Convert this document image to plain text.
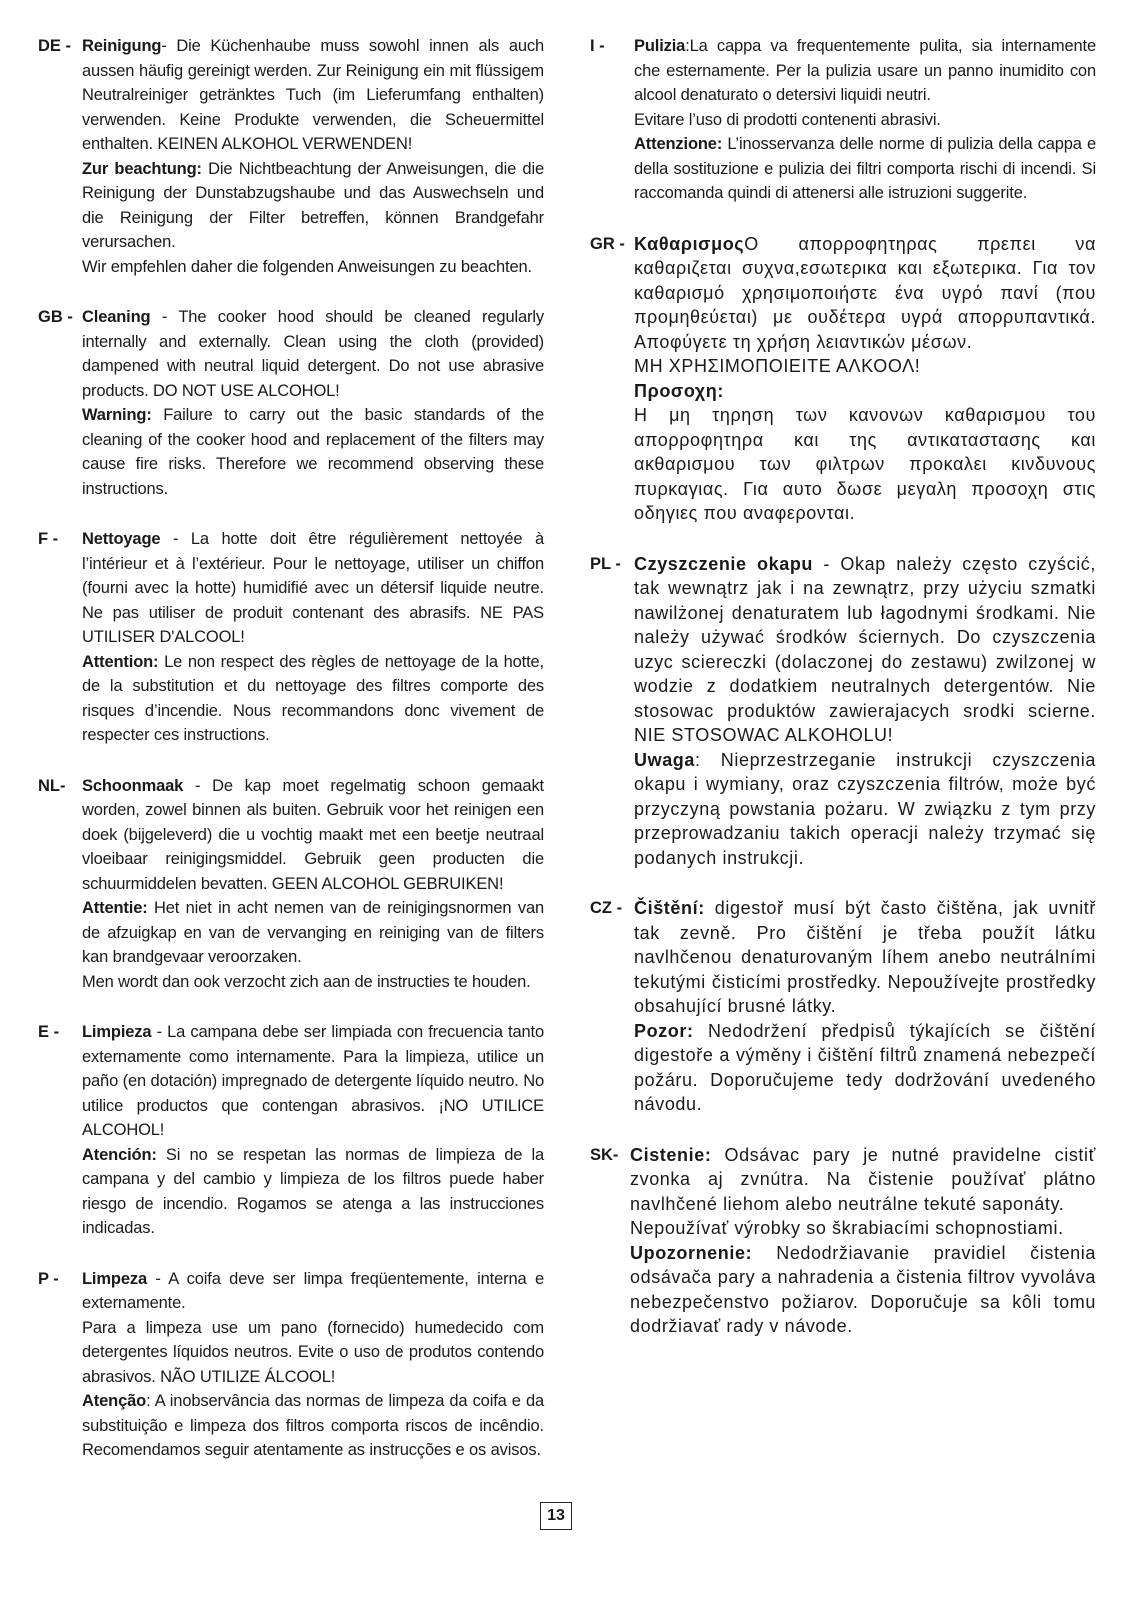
DE - Reinigung- Die Küchenhaube muss sowohl innen als auch aussen häufig gereinigt werden. Zur Reinigung ein mit flüssigem Neutralreiniger getränktes Tuch (im Lieferumfang enthalten) verwenden. Keine Produkte verwenden, die Scheuermittel enthalten. KEINEN ALKOHOL VERWENDEN!

Zur beachtung: Die Nichtbeachtung der Anweisungen, die die Reinigung der Dunstabzugshaube und das Auswechseln und die Reinigung der Filter betreffen, können Brandgefahr verursachen.

Wir empfehlen daher die folgenden Anweisungen zu beachten.

GB - Cleaning - The cooker hood should be cleaned regularly internally and externally. Clean using the cloth (provided) dampened with neutral liquid detergent. Do not use abrasive products. DO NOT USE ALCOHOL!

Warning: Failure to carry out the basic standards of the cleaning of the cooker hood and replacement of the filters may cause fire risks. Therefore we recommend observing these instructions.

F -	Nettoyage - La hotte doit être régulièrement nettoyée à l’intérieur et à l’extérieur. Pour le nettoyage, utiliser un chiffon (fourni avec la hotte) humidifié avec un détersif liquide neutre. Ne pas utiliser de produit contenant des abrasifs. NE PAS UTILISER D'ALCOOL!

Attention: Le non respect des règles de nettoyage de la hotte, de la substitution et du nettoyage des filtres comporte des risques d’incendie. Nous recommandons donc vivement de respecter ces instructions.

NL-	Schoonmaak - De kap moet regelmatig schoon gemaakt worden, zowel binnen als buiten. Gebruik voor het reinigen een doek (bijgeleverd) die u vochtig maakt met een beetje neutraal vloeibaar reinigingsmiddel. Gebruik geen producten die schuurmiddelen bevatten. GEEN ALCOHOL GEBRUIKEN!

Attentie: Het niet in acht nemen van de reinigingsnormen van de afzuigkap en van de vervanging en reiniging van de filters kan brandgevaar veroorzaken.

Men wordt dan ook verzocht zich aan de instructies te houden.

E -	Limpieza - La campana debe ser limpiada con frecuencia tanto externamente como internamente. Para la limpieza, utilice un paño (en dotación) impregnado de detergente líquido neutro. No utilice productos que contengan abrasivos. ¡NO UTILICE ALCOHOL!

Atención: Si no se respetan las normas de limpieza de la campana y del cambio y limpieza de los filtros puede haber riesgo de incendio. Rogamos se atenga a las instrucciones indicadas.

P -	Limpeza - A coifa deve ser limpa freqüentemente, interna e externamente.

Para a limpeza use um pano (fornecido) humedecido com detergentes líquidos neutros. Evite o uso de produtos contendo abrasivos. NÃO UTILIZE ÁLCOOL!

Atenção: A inobservância das normas de limpeza da coifa e da substituição e limpeza dos filtros comporta riscos de incêndio. Recomendamos seguir atentamente as instrucções e os avisos.

I -	Pulizia:La cappa va frequentemente pulita, sia internamente che esternamente. Per la pulizia usare un panno inumidito con alcool denaturato o detersivi liquidi neutri.

Evitare l’uso di prodotti contenenti abrasivi.

Attenzione: L’inosservanza delle norme di pulizia della cappa e della sostituzione e pulizia dei filtri comporta rischi di incendi. Si raccomanda quindi di attenersi alle istruzioni suggerite.

GR - ΚαθαρισμοςΟ απορροφητηρας πρεπει να καθαριζεται συχνα,εσωτερικα και εξωτερικα. Για τον καθαρισμό χρησιμοποιήστε ένα υγρό πανί (που προμηθεύεται) με ουδέτερα υγρά απορρυπαντικά. Αποφύγετε τη χρήση λειαντικών μέσων.

ΜΗ ΧΡΗΣΙΜΟΠΟΙΕΙΤΕ ΑΛΚΟΟΛ!

Προσοχη:

Η μη τηρηση των κανονων καθαρισμου του απορροφητηρα και της αντικαταστασης και ακθαρισμου των φιλτρων προκαλει κινδυνους πυρκαγιας. Για αυτο δωσε μεγαλη προσοχη στις οδηγιες που αναφερονται.

PL - Czyszczenie okapu - Okap należy często czyścić, tak wewnątrz jak i na zewnątrz, przy użyciu szmatki nawilżonej denaturatem lub łagodnymi środkami. Nie należy używać środków ściernych. Do czyszczenia uzyc sciereczki (dolaczonej do zestawu) zwilzonej w wodzie z dodatkiem neutralnych detergentów. Nie stosowac produktów zawierajacych srodki scierne. NIE STOSOWAC ALKOHOLU!

Uwaga: Nieprzestrzeganie instrukcji czyszczenia okapu i wymiany, oraz czyszczenia filtrów, może być przyczyną powstania pożaru. W związku z tym przy przeprowadzaniu takich operacji należy trzymać się podanych instrukcji.

CZ - Čištění: digestoř musí být často čištěna, jak uvnitř tak zevně. Pro čištění je třeba použít látku navlhčenou denaturovaným líhem anebo neutrálními tekutými čisticími prostředky. Nepoužívejte prostředky obsahující brusné látky.

Pozor: Nedodržení předpisů týkajících se čištění digestoře a výměny i čištění filtrů znamená nebezpečí požáru. Doporučujeme tedy dodržování uvedeného návodu.

SK- Cistenie: Odsávac pary je nutné pravidelne cistiť zvonka aj zvnútra. Na čistenie používať plátno navlhčené liehom alebo neutrálne tekuté saponáty.

Nepoužívať výrobky so škrabiacími schopnostiami.

Upozornenie: Nedodržiavanie pravidiel čistenia odsávača pary a nahradenia a čistenia filtrov vyvoláva nebezpečenstvo požiarov. Doporučuje sa kôli tomu dodržiavať rady v návode.

13
